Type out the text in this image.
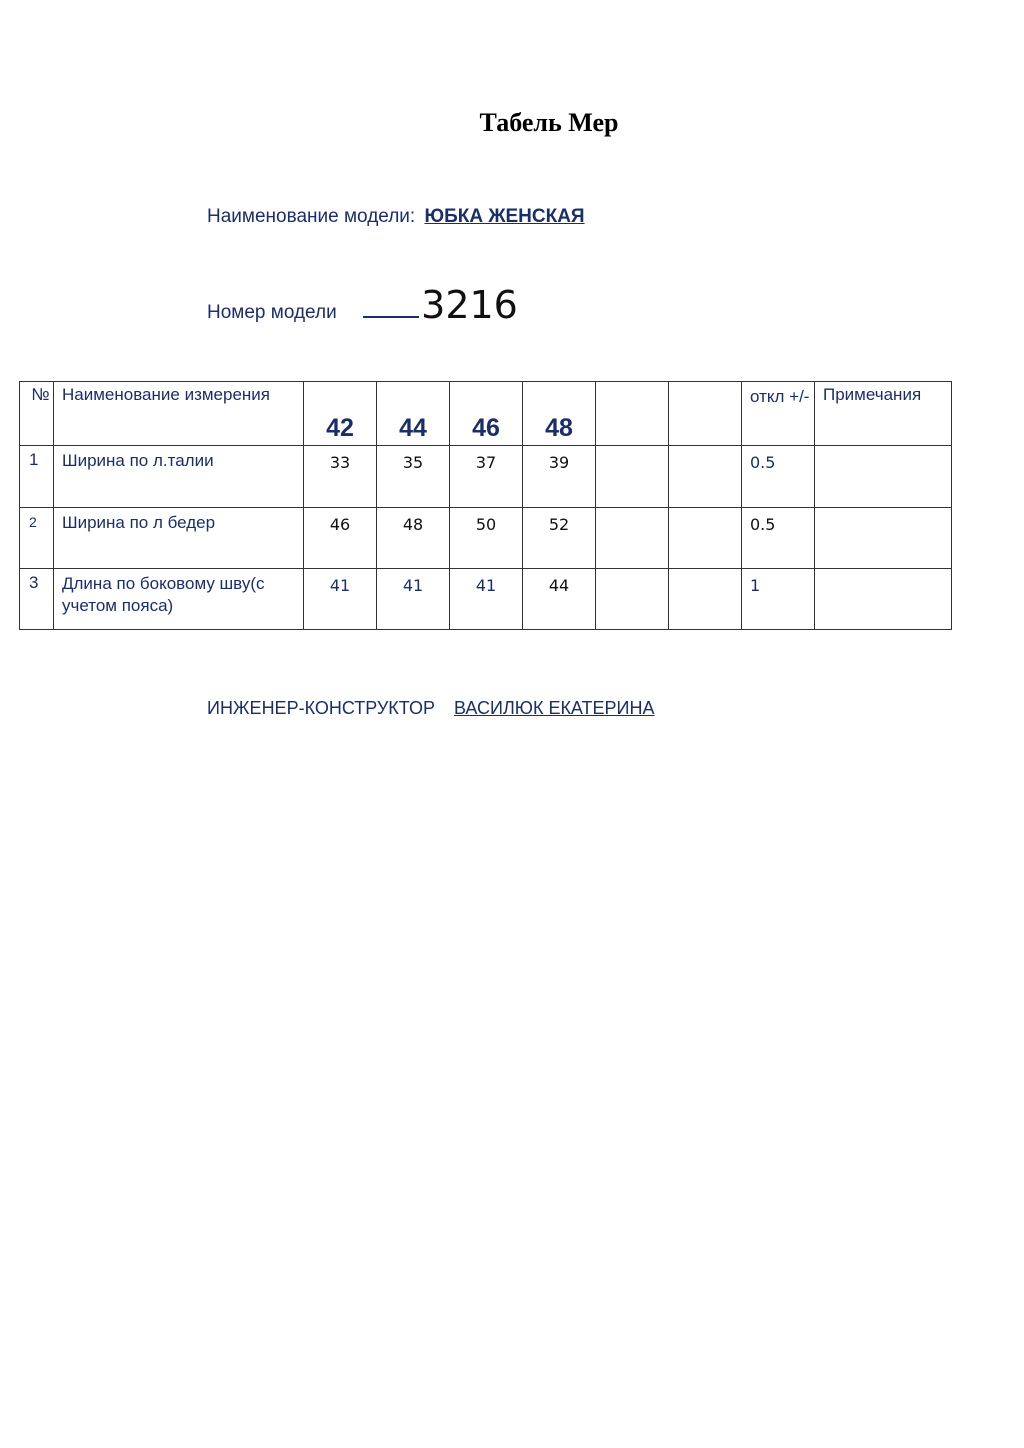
Табель Мер
Наименование модели: ЮБКА ЖЕНСКАЯ
Номер модели 3216
№	Наименование измерения	42	44	46	48			откл +/-	Примечания
1	Ширина по л.талии	33	35	37	39			0.5	
2	Ширина по л бедер	46	48	50	52			0.5	
3	Длина по боковому шву(с учетом пояса)	41	41	41	44			1	
ИНЖЕНЕР-КОНСТРУКТОР ВАСИЛЮК ЕКАТЕРИНА
